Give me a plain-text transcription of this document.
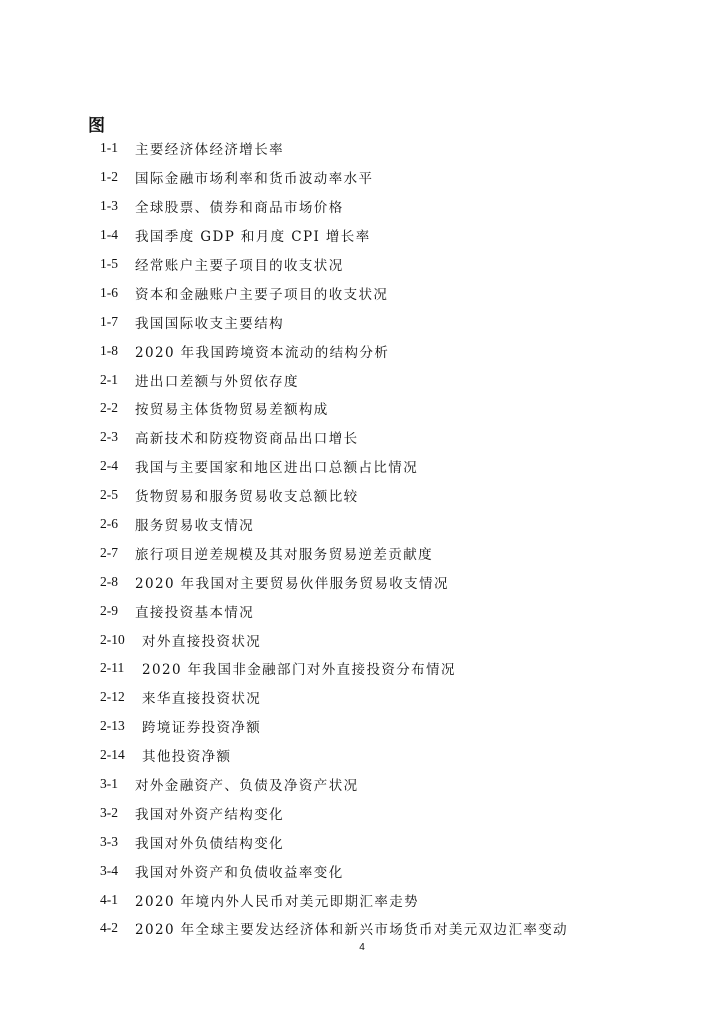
图
1-1	主要经济体经济增长率
1-2	国际金融市场利率和货币波动率水平
1-3	全球股票、债券和商品市场价格
1-4	我国季度 GDP 和月度 CPI 增长率
1-5	经常账户主要子项目的收支状况
1-6	资本和金融账户主要子项目的收支状况
1-7	我国国际收支主要结构
1-8	2020 年我国跨境资本流动的结构分析
2-1	进出口差额与外贸依存度
2-2	按贸易主体货物贸易差额构成
2-3	高新技术和防疫物资商品出口增长
2-4	我国与主要国家和地区进出口总额占比情况
2-5	货物贸易和服务贸易收支总额比较
2-6	服务贸易收支情况
2-7	旅行项目逆差规模及其对服务贸易逆差贡献度
2-8	2020 年我国对主要贸易伙伴服务贸易收支情况
2-9	直接投资基本情况
2-10	对外直接投资状况
2-11	2020 年我国非金融部门对外直接投资分布情况
2-12	来华直接投资状况
2-13	跨境证券投资净额
2-14	其他投资净额
3-1	对外金融资产、负债及净资产状况
3-2	我国对外资产结构变化
3-3	我国对外负债结构变化
3-4	我国对外资产和负债收益率变化
4-1	2020 年境内外人民币对美元即期汇率走势
4-2	2020 年全球主要发达经济体和新兴市场货币对美元双边汇率变动
4
